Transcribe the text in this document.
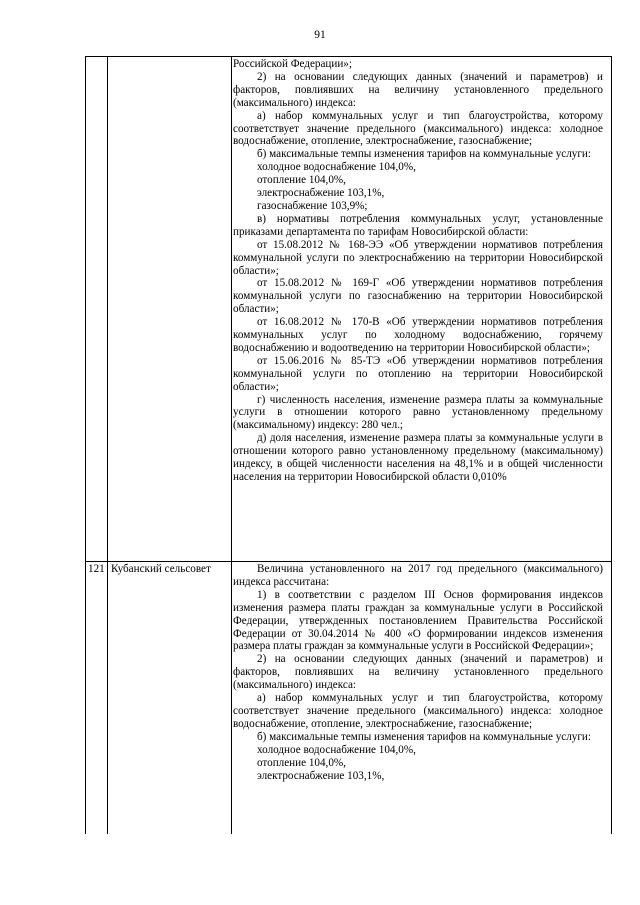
91

Российской Федерации»;

2) на основании следующих данных (значений и параметров) и факторов, повлиявших на величину установленного предельного (максимального) индекса:

а) набор коммунальных услуг и тип благоустройства, которому соответствует значение предельного (максимального) индекса: холодное водоснабжение, отопление, электроснабжение, газоснабжение;

б) максимальные темпы изменения тарифов на коммунальные услуги:

холодное водоснабжение 104,0%,

отопление 104,0%,

электроснабжение 103,1%,

газоснабжение 103,9%;

в) нормативы потребления коммунальных услуг, установленные приказами департамента по тарифам Новосибирской области:

от 15.08.2012 № 168-ЭЭ «Об утверждении нормативов потребления коммунальной услуги по электроснабжению на территории Новосибирской области»;

от 15.08.2012 № 169-Г «Об утверждении нормативов потребления коммунальной услуги по газоснабжению на территории Новосибирской области»;

от 16.08.2012 № 170-В «Об утверждении нормативов потребления коммунальных услуг по холодному водоснабжению, горячему водоснабжению и водоотведению на территории Новосибирской области»;

от 15.06.2016 № 85-ТЭ «Об утверждении нормативов потребления коммунальной услуги по отоплению на территории Новосибирской области»;

г) численность населения, изменение размера платы за коммунальные услуги в отношении которого равно установленному предельному (максимальному) индексу: 280 чел.;

д) доля населения, изменение размера платы за коммунальные услуги в отношении которого равно установленному предельному (максимальному) индексу, в общей численности населения на 48,1% и в общей численности населения на территории Новосибирской области 0,010%

121 Кубанский сельсовет	Величина установленного на 2017 год предельного (максимального) индекса рассчитана:

1) в соответствии с разделом III Основ формирования индексов изменения размера платы граждан за коммунальные услуги в Российской Федерации, утвержденных постановлением Правительства Российской Федерации от 30.04.2014 № 400 «О формировании индексов изменения размера платы граждан за коммунальные услуги в Российской Федерации»;

2) на основании следующих данных (значений и параметров) и факторов, повлиявших на величину установленного предельного (максимального) индекса:

а) набор коммунальных услуг и тип благоустройства, которому соответствует значение предельного (максимального) индекса: холодное водоснабжение, отопление, электроснабжение, газоснабжение;

б) максимальные темпы изменения тарифов на коммунальные услуги:

холодное водоснабжение 104,0%,

отопление 104,0%,

электроснабжение 103,1%,
